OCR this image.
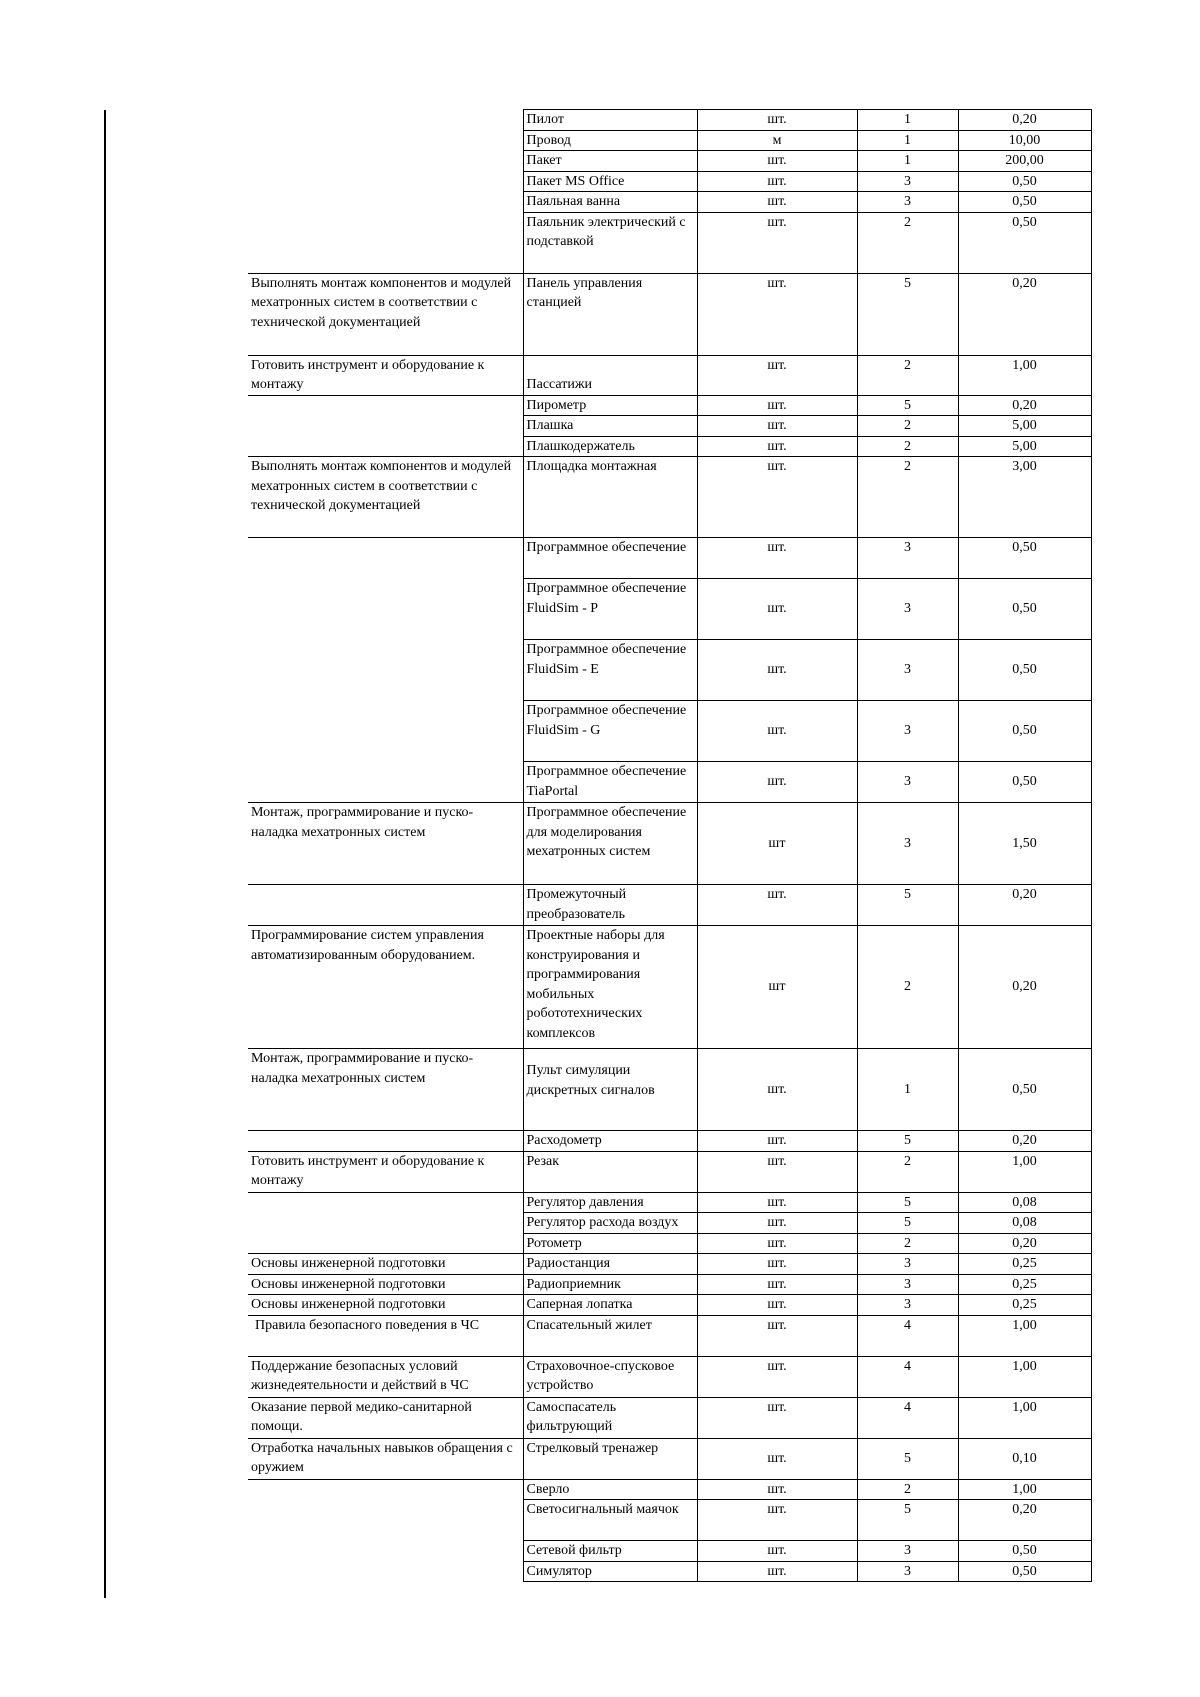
	Пилот	шт.	1	0,20
	Провод	м	1	10,00
	Пакет	шт.	1	200,00
	Пакет MS Office	шт.	3	0,50
	Паяльная ванна	шт.	3	0,50
	Паяльник электрический с подставкой	шт.	2	0,50
Выполнять монтаж компонентов и модулей мехатронных систем в соответствии с технической документацией	Панель управления станцией	шт.	5	0,20
Готовить инструмент и оборудование к монтажу	Пассатижи	шт.	2	1,00
	Пирометр	шт.	5	0,20
	Плашка	шт.	2	5,00
	Плашкодержатель	шт.	2	5,00
Выполнять монтаж компонентов и модулей мехатронных систем в соответствии с технической документацией	Площадка монтажная	шт.	2	3,00
	Программное обеспечение	шт.	3	0,50
	Программное обеспечение FluidSim - P	шт.	3	0,50
	Программное обеспечение FluidSim - E	шт.	3	0,50
	Программное обеспечение FluidSim - G	шт.	3	0,50
	Программное обеспечение TiaPortal	шт.	3	0,50
Монтаж, программирование и пуско-наладка мехатронных систем	Программное обеспечение для моделирования мехатронных систем	шт	3	1,50
	Промежуточный преобразователь	шт.	5	0,20
Программирование систем управления автоматизированным оборудованием.	Проектные наборы для конструирования и программирования мобильных робототехнических комплексов	шт	2	0,20
Монтаж, программирование и пуско-наладка мехатронных систем	Пульт симуляции дискретных сигналов	шт.	1	0,50
	Расходометр	шт.	5	0,20
Готовить инструмент и оборудование к монтажу	Резак	шт.	2	1,00
	Регулятор давления	шт.	5	0,08
	Регулятор расхода воздух	шт.	5	0,08
	Ротометр	шт.	2	0,20
Основы инженерной подготовки	Радиостанция	шт.	3	0,25
Основы инженерной подготовки	Радиоприемник	шт.	3	0,25
Основы инженерной подготовки	Саперная лопатка	шт.	3	0,25
Правила безопасного поведения в ЧС	Спасательный жилет	шт.	4	1,00
Поддержание безопасных условий жизнедеятельности и действий в ЧС	Страховочное-спусковое устройство	шт.	4	1,00
Оказание первой медико-санитарной помощи.	Самоспасатель фильтрующий	шт.	4	1,00
Отработка начальных навыков обращения с оружием	Стрелковый тренажер	шт.	5	0,10
	Сверло	шт.	2	1,00
	Светосигнальный маячок	шт.	5	0,20
	Сетевой фильтр	шт.	3	0,50
	Симулятор	шт.	3	0,50
